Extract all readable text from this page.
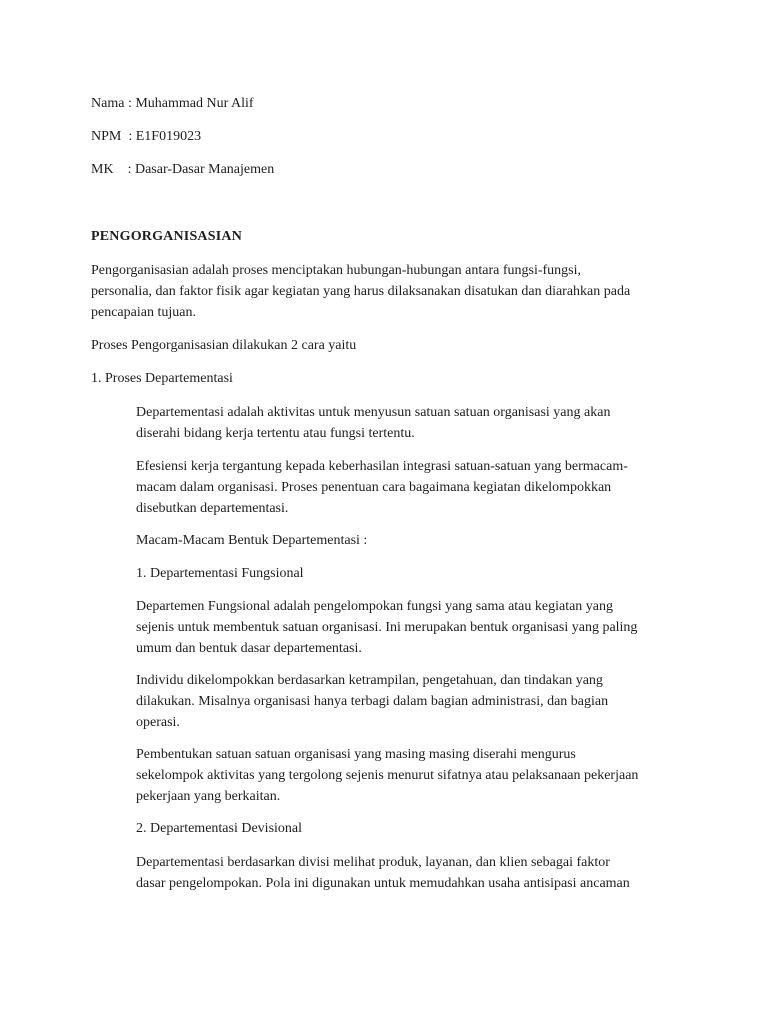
Nama : Muhammad Nur Alif
NPM : E1F019023
MK : Dasar-Dasar Manajemen
PENGORGANISASIAN
Pengorganisasian adalah proses menciptakan hubungan-hubungan antara fungsi-fungsi,
personalia, dan faktor fisik agar kegiatan yang harus dilaksanakan disatukan dan diarahkan pada
pencapaian tujuan.
Proses Pengorganisasian dilakukan 2 cara yaitu
1. Proses Departementasi
Departementasi adalah aktivitas untuk menyusun satuan satuan organisasi yang akan
diserahi bidang kerja tertentu atau fungsi tertentu.
Efesiensi kerja tergantung kepada keberhasilan integrasi satuan-satuan yang bermacam-
macam dalam organisasi. Proses penentuan cara bagaimana kegiatan dikelompokkan
disebutkan departementasi.
Macam-Macam Bentuk Departementasi :
1. Departementasi Fungsional
Departemen Fungsional adalah pengelompokan fungsi yang sama atau kegiatan yang
sejenis untuk membentuk satuan organisasi. Ini merupakan bentuk organisasi yang paling
umum dan bentuk dasar departementasi.
Individu dikelompokkan berdasarkan ketrampilan, pengetahuan, dan tindakan yang
dilakukan. Misalnya organisasi hanya terbagi dalam bagian administrasi, dan bagian
operasi.
Pembentukan satuan satuan organisasi yang masing masing diserahi mengurus
sekelompok aktivitas yang tergolong sejenis menurut sifatnya atau pelaksanaan pekerjaan
pekerjaan yang berkaitan.
2. Departementasi Devisional
Departementasi berdasarkan divisi melihat produk, layanan, dan klien sebagai faktor
dasar pengelompokan. Pola ini digunakan untuk memudahkan usaha antisipasi ancaman
